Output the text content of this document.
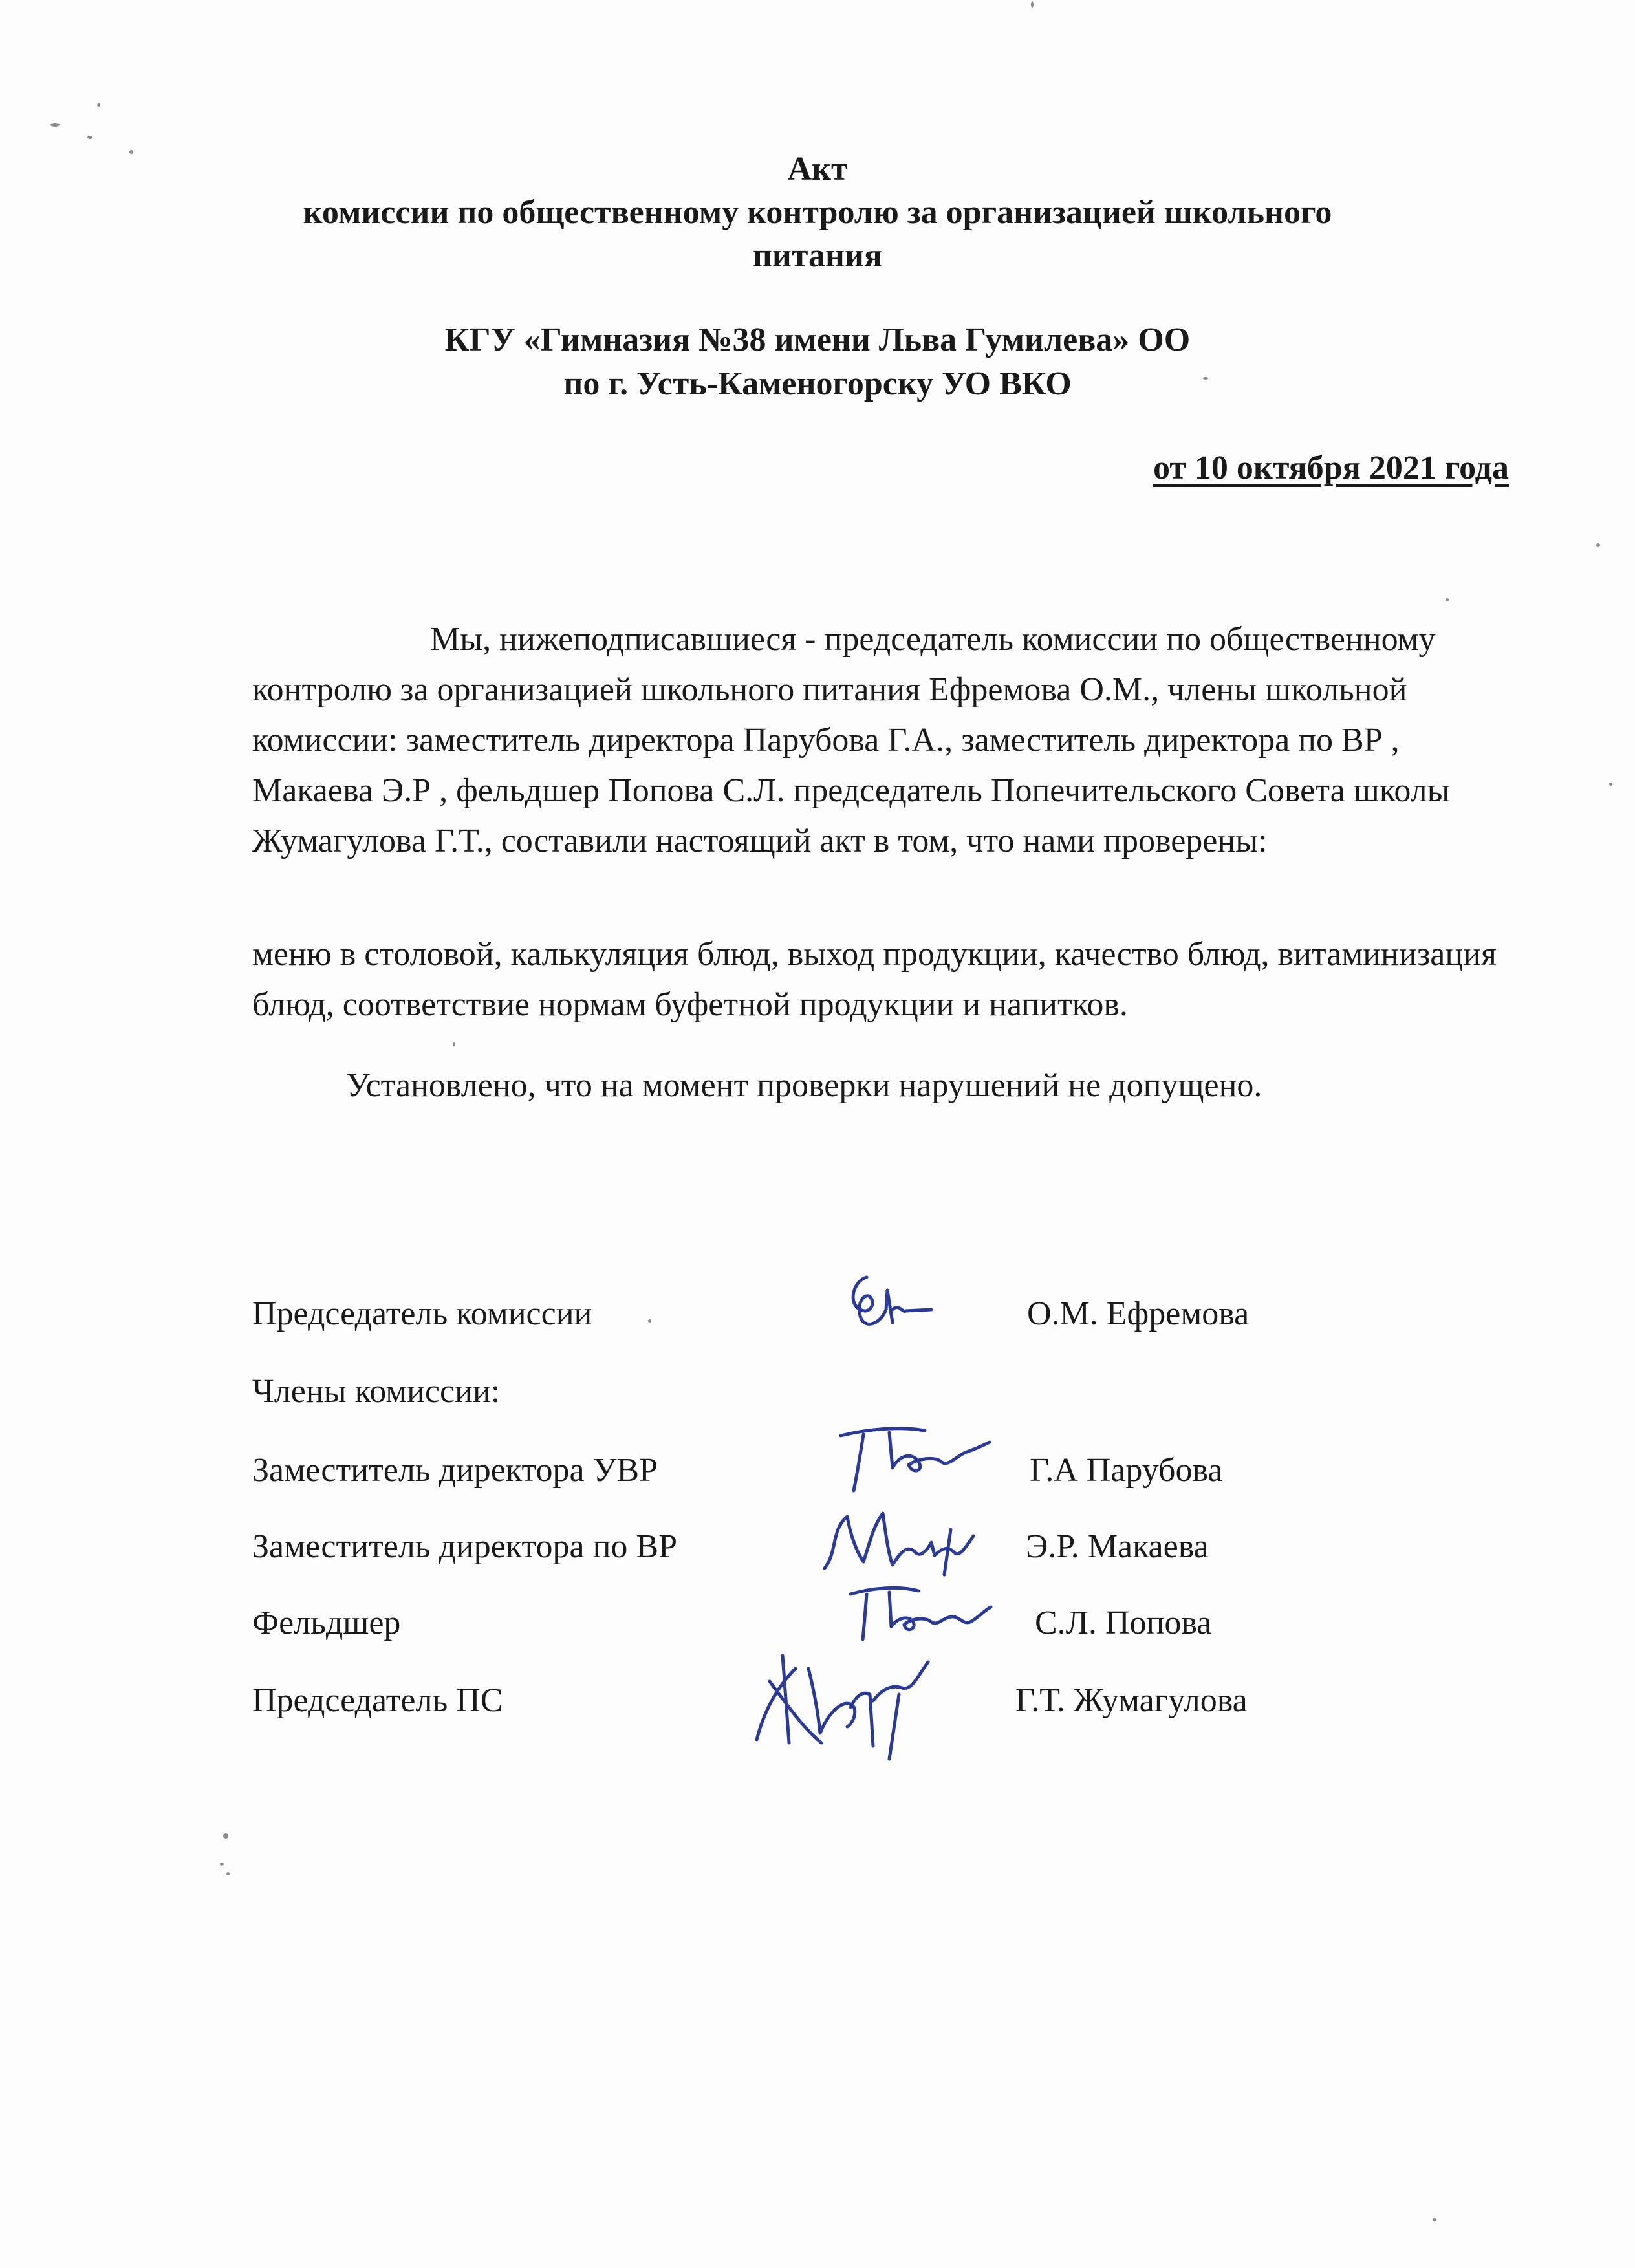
Акт
комиссии по общественному контролю за организацией школьного
питания
КГУ «Гимназия №38 имени Льва Гумилева» ОО
по г. Усть-Каменогорску УО ВКО
от 10 октября 2021 года
Мы, нижеподписавшиеся - председатель комиссии по общественному контролю за организацией школьного питания Ефремова О.М., члены школьной комиссии: заместитель директора Парубова Г.А., заместитель директора по ВР , Макаева Э.Р , фельдшер Попова С.Л. председатель Попечительского Совета школы Жумагулова Г.Т., составили настоящий акт в том, что нами проверены:
меню в столовой, калькуляция блюд, выход продукции, качество блюд, витаминизация блюд, соответствие нормам буфетной продукции и напитков.
Установлено, что на момент проверки нарушений не допущено.
Председатель комиссии	О.М. Ефремова
Члены комиссии:
Заместитель директора УВР	Г.А Парубова
Заместитель директора по ВР	Э.Р. Макаева
Фельдшер	С.Л. Попова
Председатель ПС	Г.Т. Жумагулова
